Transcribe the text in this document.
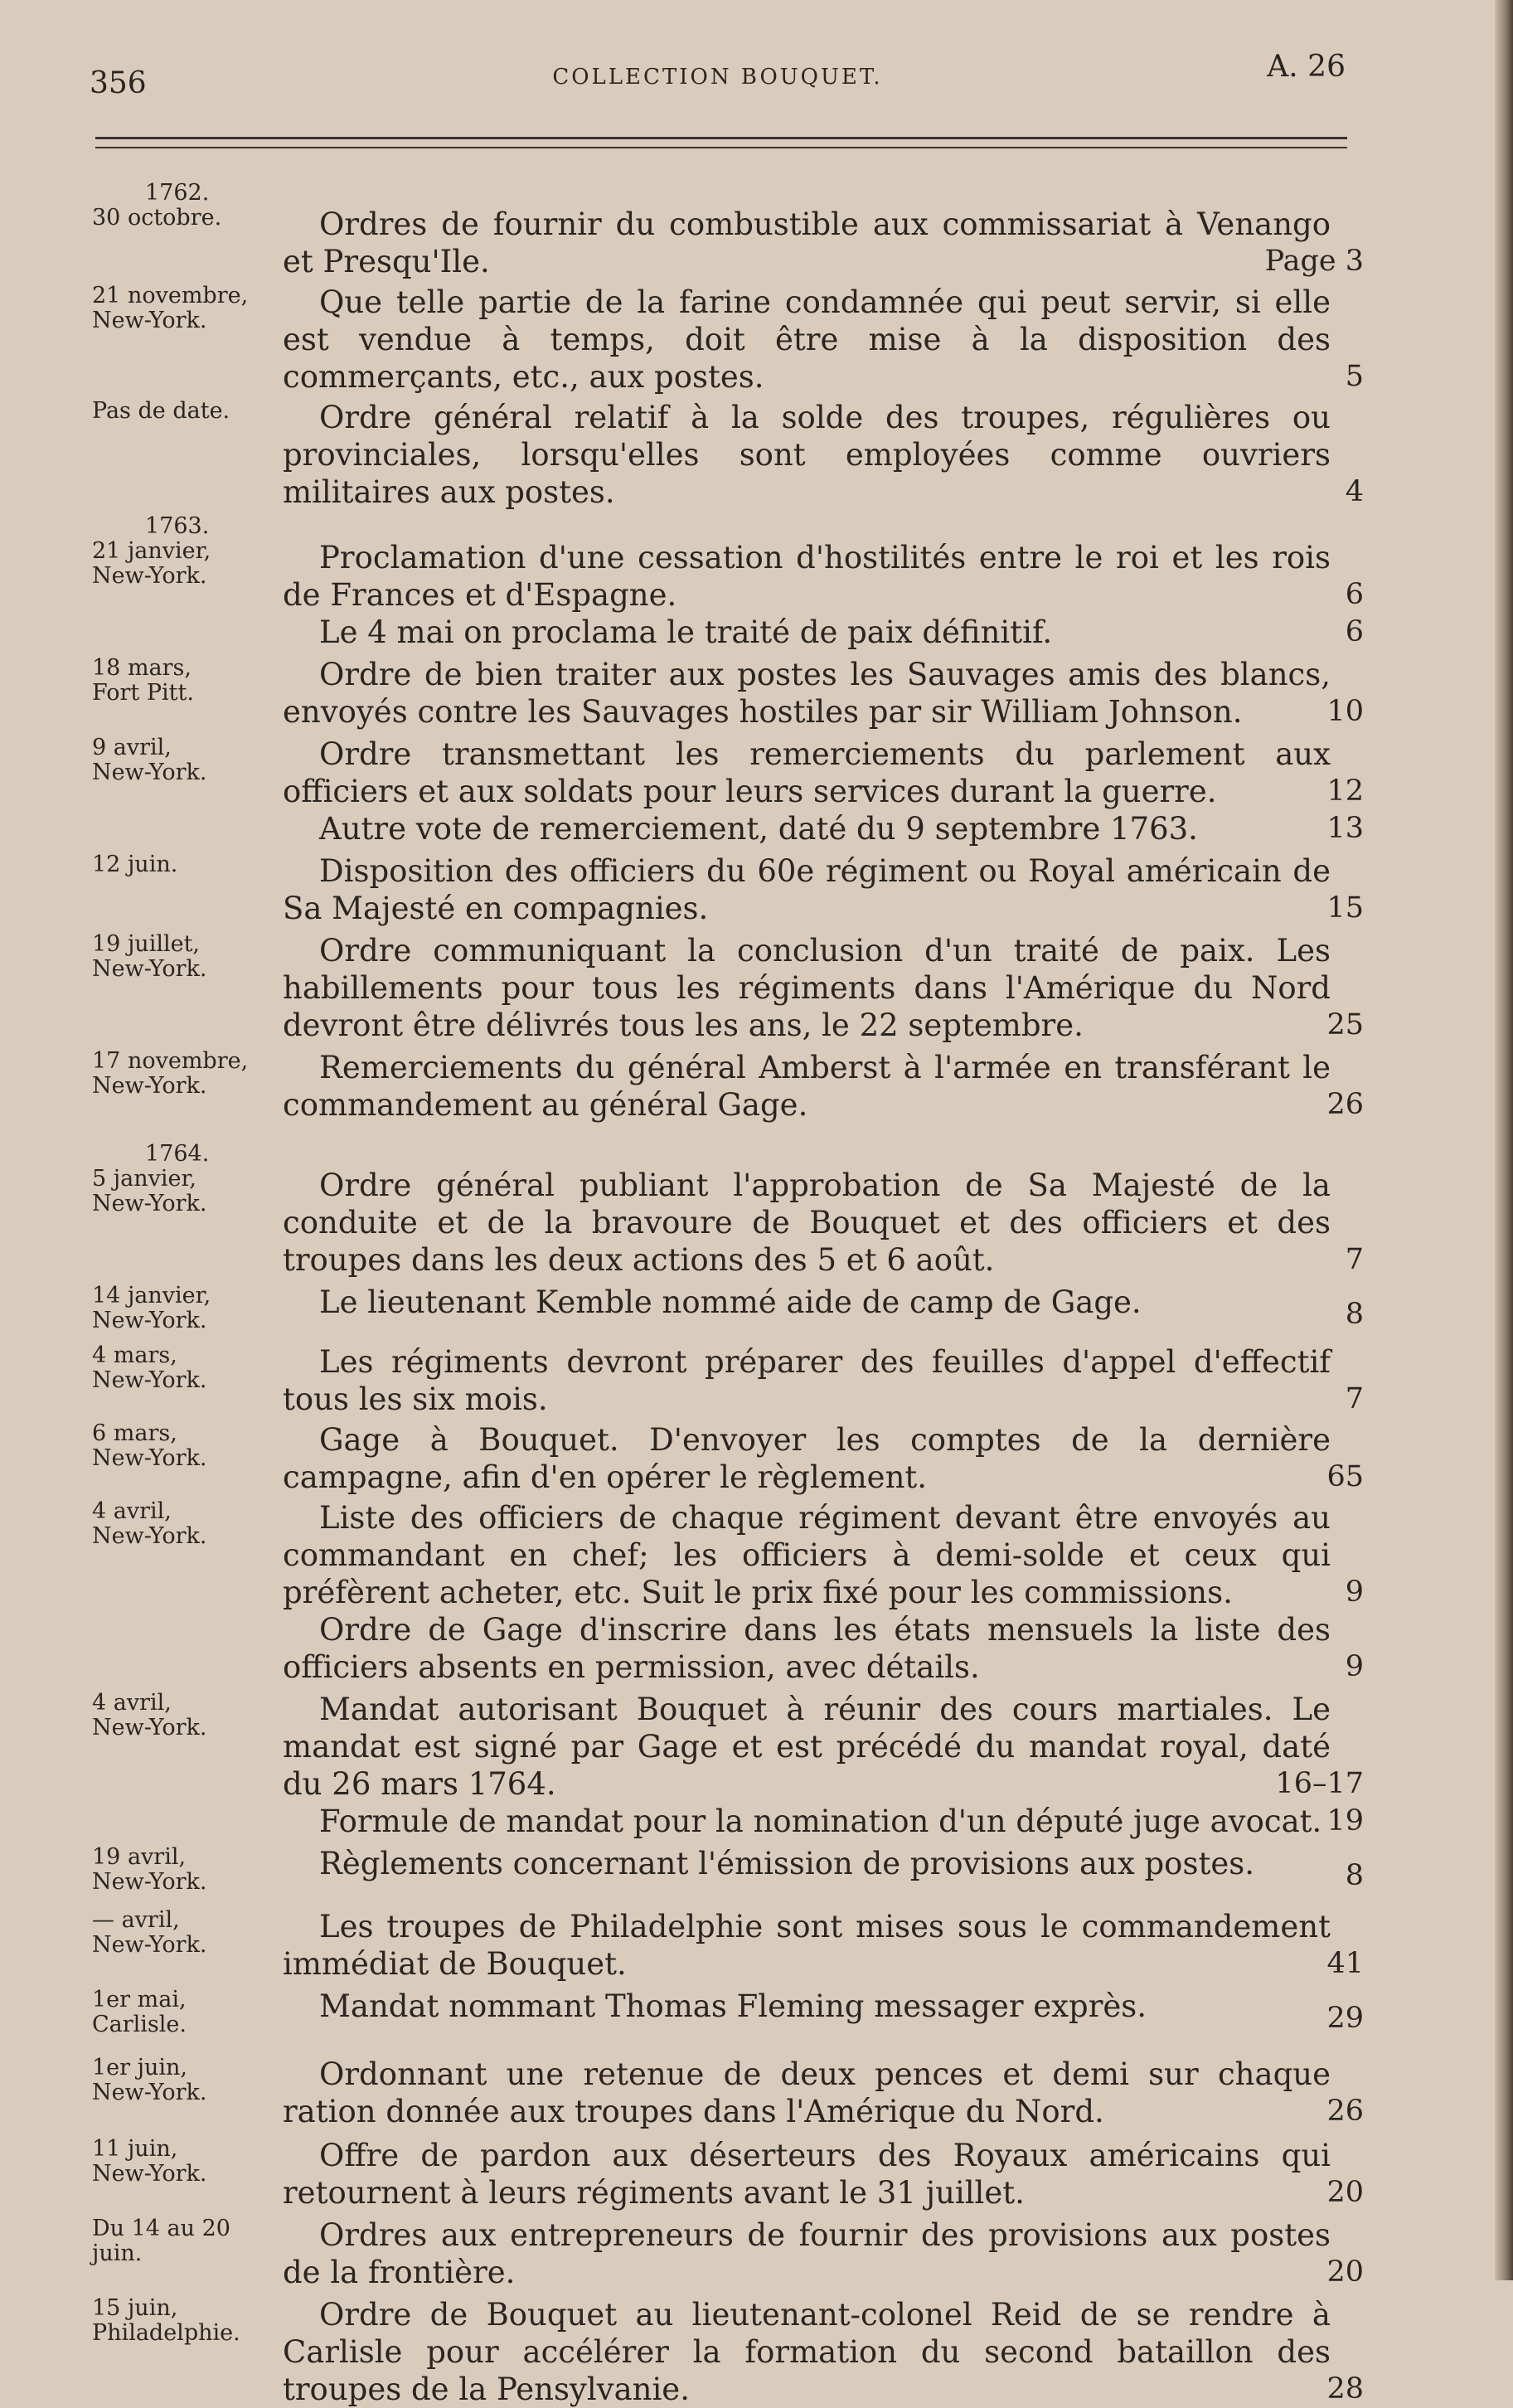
356	COLLECTION BOUQUET.	A. 26
1762.
30 octobre.	Ordres de fournir du combustible aux commissariat à Venango et Presqu'Ile.	Page 3
21 novembre,
New-York.
Que telle partie de la farine condamnée qui peut servir, si elle est vendue à temps, doit être mise à la disposition des commerçants, etc., aux postes.	5
Pas de date.	Ordre général relatif à la solde des troupes, régulières ou provinciales, lorsqu'elles sont employées comme ouvriers militaires aux postes.	4
1763.
21 janvier,
New-York.
Proclamation d'une cessation d'hostilités entre le roi et les rois de Frances et d'Espagne.	6
Le 4 mai on proclama le traité de paix définitif.	6
18 mars,
Fort Pitt.
Ordre de bien traiter aux postes les Sauvages amis des blancs, envoyés contre les Sauvages hostiles par sir William Johnson.	10
9 avril,
New-York.
Ordre transmettant les remerciements du parlement aux officiers et aux soldats pour leurs services durant la guerre.	12
Autre vote de remerciement, daté du 9 septembre 1763.	13
12 juin.	Disposition des officiers du 60e régiment ou Royal américain de Sa Majesté en compagnies.	15
19 juillet,
New-York.
Ordre communiquant la conclusion d'un traité de paix. Les habillements pour tous les régiments dans l'Amérique du Nord devront être délivrés tous les ans, le 22 septembre.	25
17 novembre,
New-York.
Remerciements du général Amberst à l'armée en transférant le commandement au général Gage.	26
1764.
5 janvier,
New-York.
Ordre général publiant l'approbation de Sa Majesté de la conduite et de la bravoure de Bouquet et des officiers et des troupes dans les deux actions des 5 et 6 août.	7
14 janvier,
New-York.
Le lieutenant Kemble nommé aide de camp de Gage.	8
4 mars,
New-York.
Les régiments devront préparer des feuilles d'appel d'effectif tous les six mois.	7
6 mars,
New-York.
Gage à Bouquet. D'envoyer les comptes de la dernière campagne, afin d'en opérer le règlement.	65
4 avril,
New-York.
Liste des officiers de chaque régiment devant être envoyés au commandant en chef; les officiers à demi-solde et ceux qui préfèrent acheter, etc. Suit le prix fixé pour les commissions.	9
Ordre de Gage d'inscrire dans les états mensuels la liste des officiers absents en permission, avec détails.	9
4 avril,
New-York.
Mandat autorisant Bouquet à réunir des cours martiales. Le mandat est signé par Gage et est précédé du mandat royal, daté du 26 mars 1764.	16–17
Formule de mandat pour la nomination d'un député juge avocat. 19
19 avril,
New-York.
Règlements concernant l'émission de provisions aux postes.	8
— avril,
New-York.
Les troupes de Philadelphie sont mises sous le commandement immédiat de Bouquet.	41
1er mai,
Carlisle.
Mandat nommant Thomas Fleming messager exprès.	29
1er juin,
New-York.
Ordonnant une retenue de deux pences et demi sur chaque ration donnée aux troupes dans l'Amérique du Nord.	26
11 juin,
New-York.
Offre de pardon aux déserteurs des Royaux américains qui retournent à leurs régiments avant le 31 juillet.	20
Du 14 au 20
juin.
Ordres aux entrepreneurs de fournir des provisions aux postes de la frontière.	20
15 juin,
Philadelphie.
Ordre de Bouquet au lieutenant-colonel Reid de se rendre à Carlisle pour accélérer la formation du second bataillon des troupes de la Pensylvanie.	28
